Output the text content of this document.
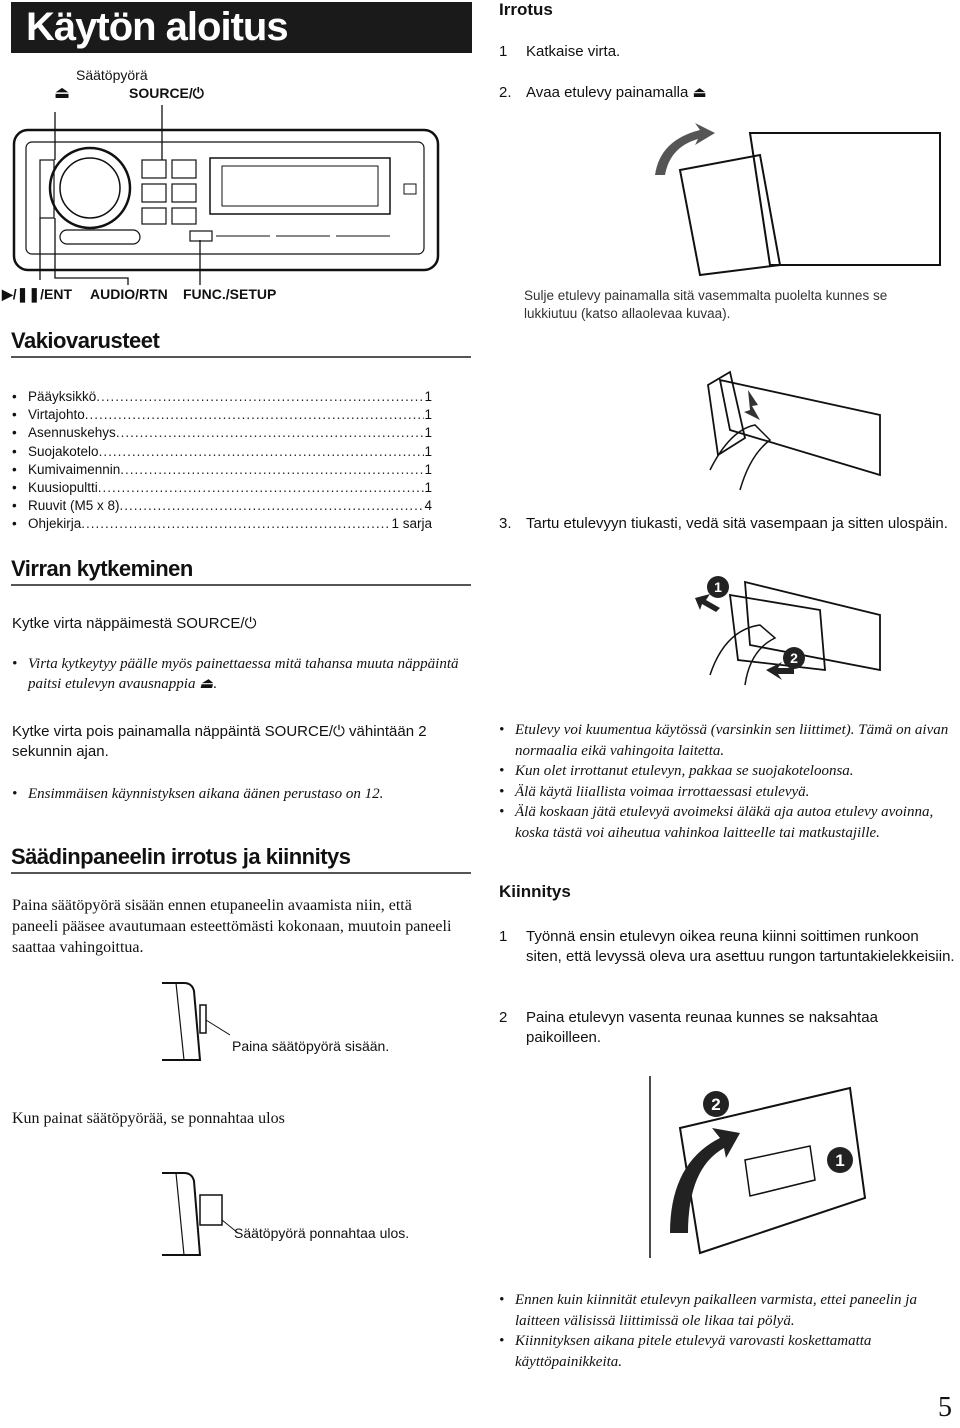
Käytön aloitus
Säätöpyörä
SOURCE/⏻
⏏
▶/❚❚/ENT AUDIO/RTN FUNC./SETUP
Vakiovarusteet
• Pääyksikkö .....	1
• Virtajohto .....	1
• Asennuskehys .....	1
• Suojakotelo .....	1
• Kumivaimennin .....	1
• Kuusiopultti .....	1
• Ruuvit (M5 x 8) .....	4
• Ohjekirja .....	1 sarja
Virran kytkeminen
Kytke virta näppäimestä SOURCE/⏻
• Virta kytkeytyy päälle myös painettaessa mitä tahansa muuta näppäintä paitsi etulevyn avausnappia ⏏.
Kytke virta pois painamalla näppäintä SOURCE/⏻ vähintään 2 sekunnin ajan.
• Ensimmäisen käynnistyksen aikana äänen perustaso on 12.
Säädinpaneelin irrotus ja kiinnitys
Paina säätöpyörä sisään ennen etupaneelin avaamista niin, että paneeli pääsee avautumaan esteettömästi kokonaan, muutoin paneeli saattaa vahingoittua.
Paina säätöpyörä sisään.
Kun painat säätöpyörää, se ponnahtaa ulos
Säätöpyörä ponnahtaa ulos.
Irrotus
1 Katkaise virta.
2. Avaa etulevy painamalla ⏏
Sulje etulevy painamalla sitä vasemmalta puolelta kunnes se lukkiutuu (katso allaolevaa kuvaa).
3. Tartu etulevyyn tiukasti, vedä sitä vasempaan ja sitten ulospäin.
1
2
• Etulevy voi kuumentua käytössä (varsinkin sen liittimet). Tämä on aivan normaalia eikä vahingoita laitetta.
• Kun olet irrottanut etulevyn, pakkaa se suojakoteloonsa.
• Älä käytä liiallista voimaa irrottaessasi etulevyä.
• Älä koskaan jätä etulevyä avoimeksi äläkä aja autoa etulevy avoinna, koska tästä voi aiheutua vahinkoa laitteelle tai matkustajille.
Kiinnitys
1 Työnnä ensin etulevyn oikea reuna kiinni soittimen runkoon siten, että levyssä oleva ura asettuu rungon tartuntakielekkeisiin.
2 Paina etulevyn vasenta reunaa kunnes se naksahtaa paikoilleen.
2
1
• Ennen kuin kiinnität etulevyn paikalleen varmista, ettei paneelin ja laitteen välisissä liittimissä ole likaa tai pölyä.
• Kiinnityksen aikana pitele etulevyä varovasti koskettamatta käyttöpainikkeita.
5
